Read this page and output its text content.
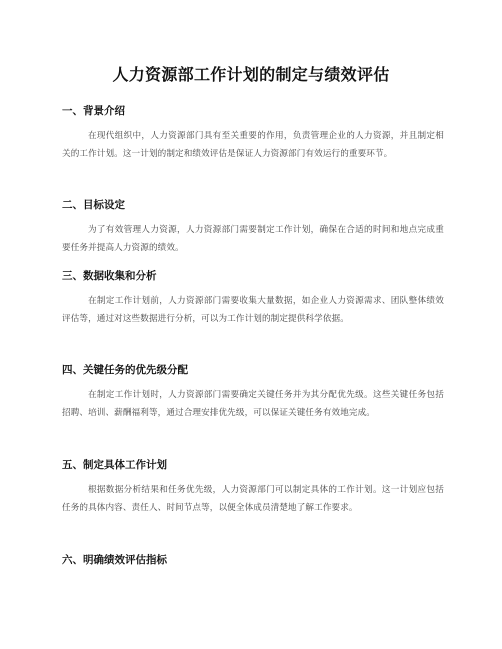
人力资源部工作计划的制定与绩效评估
一、背景介绍

在现代组织中，人力资源部门具有至关重要的作用，负责管理企业的人力资源，并且制定相关的工作计划。这一计划的制定和绩效评估是保证人力资源部门有效运行的重要环节。

二、目标设定

为了有效管理人力资源，人力资源部门需要制定工作计划，确保在合适的时间和地点完成重要任务并提高人力资源的绩效。

三、数据收集和分析

在制定工作计划前，人力资源部门需要收集大量数据，如企业人力资源需求、团队整体绩效评估等，通过对这些数据进行分析，可以为工作计划的制定提供科学依据。

四、关键任务的优先级分配

在制定工作计划时，人力资源部门需要确定关键任务并为其分配优先级。这些关键任务包括招聘、培训、薪酬福利等，通过合理安排优先级，可以保证关键任务有效地完成。

五、制定具体工作计划

根据数据分析结果和任务优先级，人力资源部门可以制定具体的工作计划。这一计划应包括任务的具体内容、责任人、时间节点等，以便全体成员清楚地了解工作要求。

六、明确绩效评估指标
